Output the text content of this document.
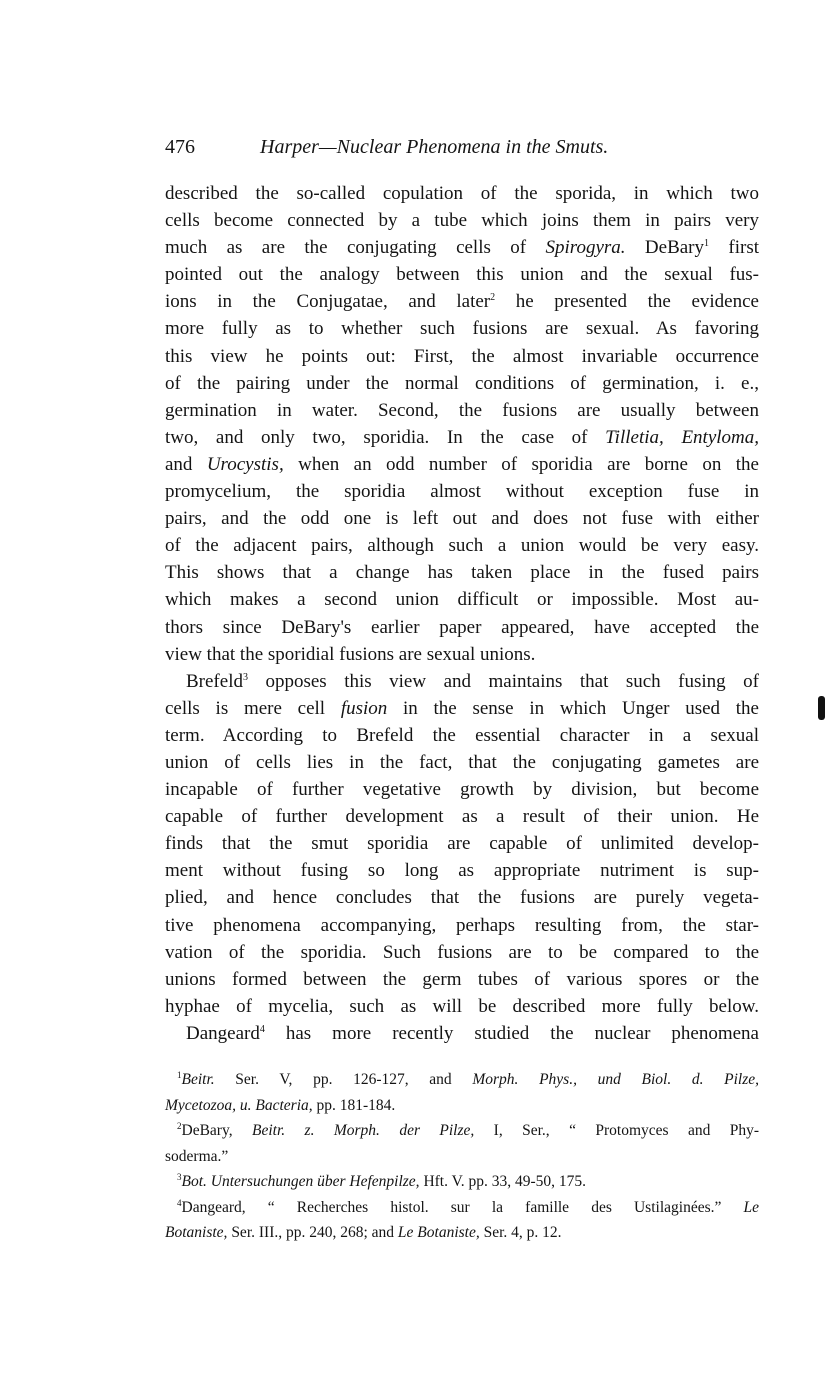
476	Harper—Nuclear Phenomena in the Smuts.

described the so-called copulation of the sporida, in which two
cells become connected by a tube which joins them in pairs very
much as are the conjugating cells of Spirogyra. DeBary$^1$ first
pointed out the analogy between this union and the sexual fus-
ions in the Conjugatae, and later$^2$ he presented the evidence
more fully as to whether such fusions are sexual. As favoring
this view he points out: First, the almost invariable occurrence
of the pairing under the normal conditions of germination, i. e.,
germination in water. Second, the fusions are usually between
two, and only two, sporidia. In the case of Tilletia, Entyloma,
and Urocystis, when an odd number of sporidia are borne on the
promycelium, the sporidia almost without exception fuse in
pairs, and the odd one is left out and does not fuse with either
of the adjacent pairs, although such a union would be very easy.
This shows that a change has taken place in the fused pairs
which makes a second union difficult or impossible. Most au-
thors since DeBary's earlier paper appeared, have accepted the
view that the sporidial fusions are sexual unions.

Brefeld$^3$ opposes this view and maintains that such fusing of
cells is mere cell fusion in the sense in which Unger used the
term. According to Brefeld the essential character in a sexual
union of cells lies in the fact, that the conjugating gametes are
incapable of further vegetative growth by division, but become
capable of further development as a result of their union. He
finds that the smut sporidia are capable of unlimited develop-
ment without fusing so long as appropriate nutriment is sup-
plied, and hence concludes that the fusions are purely vegeta-
tive phenomena accompanying, perhaps resulting from, the star-
vation of the sporidia. Such fusions are to be compared to the
unions formed between the germ tubes of various spores or the
hyphae of mycelia, such as will be described more fully below.

Dangeard$^4$ has more recently studied the nuclear phenomena

$^1$Beitr. Ser. V, pp. 126-127, and Morph. Phys., und Biol. d. Pilze,
Mycetozoa, u. Bacteria, pp. 181-184.
$^2$DeBary, Beitr. z. Morph. der Pilze, I, Ser., “ Protomyces and Phy-
soderma.”
$^3$Bot. Untersuchungen über Hefenpilze, Hft. V. pp. 33, 49-50, 175.
$^4$Dangeard, “ Recherches histol. sur la famille des Ustilaginées.” Le
Botaniste, Ser. III., pp. 240, 268; and Le Botaniste, Ser. 4, p. 12.
